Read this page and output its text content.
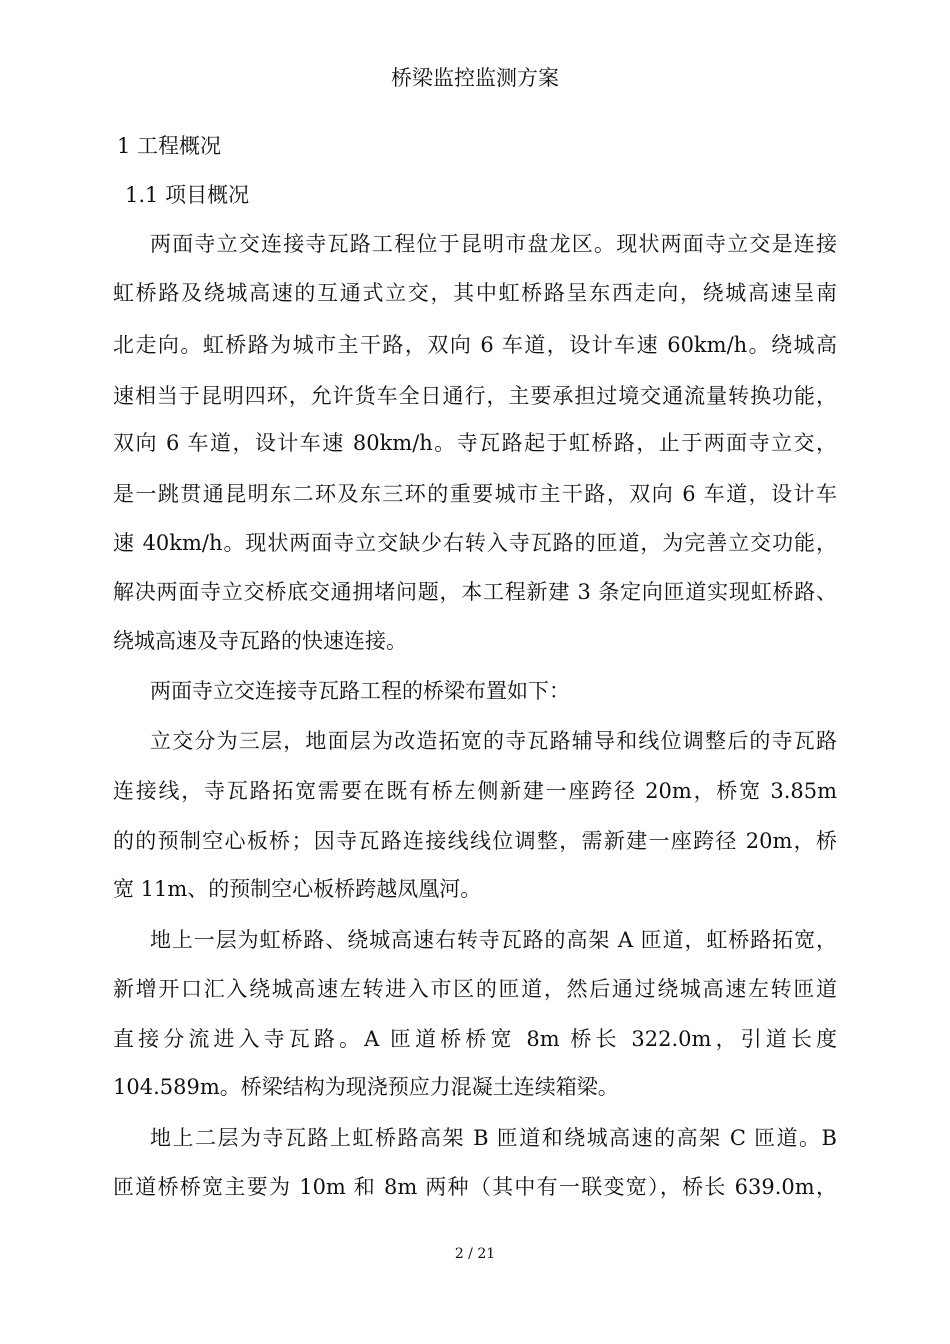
桥梁监控监测方案
1 工程概况
1.1 项目概况
两面寺立交连接寺瓦路工程位于昆明市盘龙区。现状两面寺立交是连接
虹桥路及绕城高速的互通式立交，其中虹桥路呈东西走向，绕城高速呈南
北走向。虹桥路为城市主干路，双向 6 车道，设计车速 60km/h。绕城高
速相当于昆明四环，允许货车全日通行，主要承担过境交通流量转换功能，
双向 6 车道，设计车速 80km/h。寺瓦路起于虹桥路，止于两面寺立交，
是一跳贯通昆明东二环及东三环的重要城市主干路，双向 6 车道，设计车
速 40km/h。现状两面寺立交缺少右转入寺瓦路的匝道，为完善立交功能，
解决两面寺立交桥底交通拥堵问题，本工程新建 3 条定向匝道实现虹桥路、
绕城高速及寺瓦路的快速连接。
两面寺立交连接寺瓦路工程的桥梁布置如下：
立交分为三层，地面层为改造拓宽的寺瓦路辅导和线位调整后的寺瓦路
连接线，寺瓦路拓宽需要在既有桥左侧新建一座跨径 20m，桥宽 3.85m
的的预制空心板桥；因寺瓦路连接线线位调整，需新建一座跨径 20m，桥
宽 11m、的预制空心板桥跨越凤凰河。
地上一层为虹桥路、绕城高速右转寺瓦路的高架 A 匝道，虹桥路拓宽，
新增开口汇入绕城高速左转进入市区的匝道，然后通过绕城高速左转匝道
直接分流进入寺瓦路。A 匝道桥桥宽 8m 桥长 322.0m，引道长度
104.589m。桥梁结构为现浇预应力混凝土连续箱梁。
地上二层为寺瓦路上虹桥路高架 B 匝道和绕城高速的高架 C 匝道。B
匝道桥桥宽主要为 10m 和 8m 两种（其中有一联变宽），桥长 639.0m，
2 / 21
